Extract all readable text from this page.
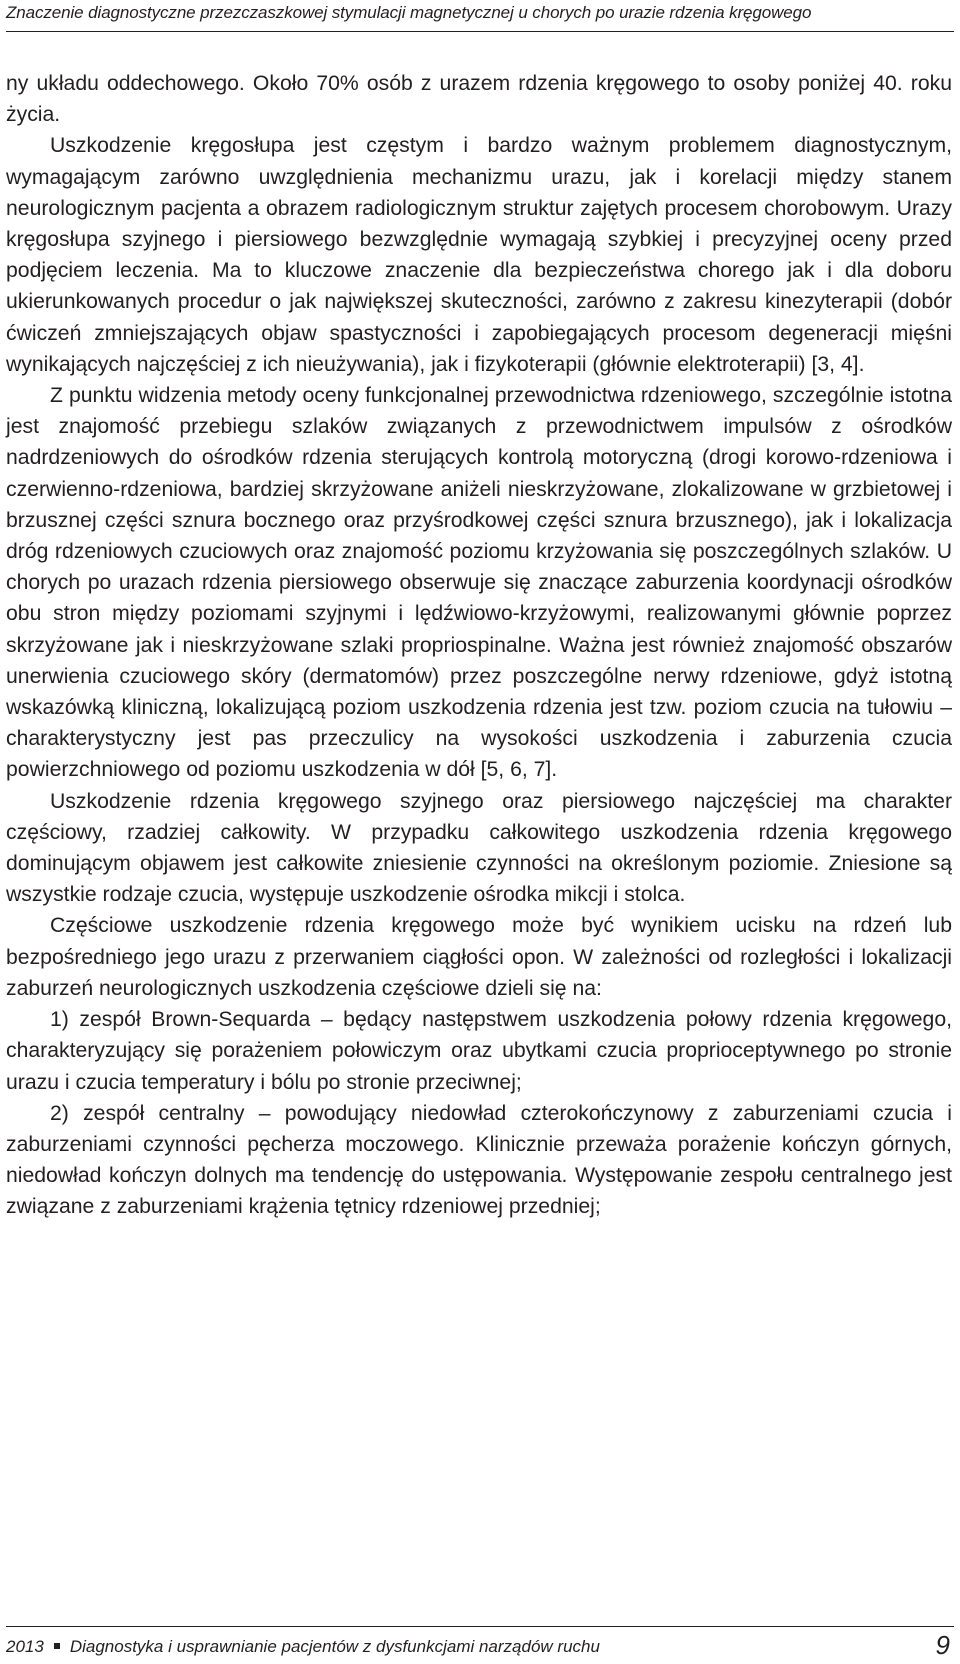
Znaczenie diagnostyczne przezczaszkowej stymulacji magnetycznej u chorych po urazie rdzenia kręgowego

ny układu oddechowego. Około 70% osób z urazem rdzenia kręgowego to osoby poniżej 40. roku życia.

Uszkodzenie kręgosłupa jest częstym i bardzo ważnym problemem diagnostycznym, wymagającym zarówno uwzględnienia mechanizmu urazu, jak i korelacji między stanem neurologicznym pacjenta a obrazem radiologicznym struktur zajętych procesem chorobowym. Urazy kręgosłupa szyjnego i piersiowego bezwzględnie wymagają szybkiej i precyzyjnej oceny przed podjęciem leczenia. Ma to kluczowe znaczenie dla bezpieczeństwa chorego jak i dla doboru ukierunkowanych procedur o jak największej skuteczności, zarówno z zakresu kinezyterapii (dobór ćwiczeń zmniejszających objaw spastyczności i zapobiegających procesom degeneracji mięśni wynikających najczęściej z ich nieużywania), jak i fizykoterapii (głównie elektroterapii) [3, 4].

Z punktu widzenia metody oceny funkcjonalnej przewodnictwa rdzeniowego, szczególnie istotna jest znajomość przebiegu szlaków związanych z przewodnictwem impulsów z ośrodków nadrdzeniowych do ośrodków rdzenia sterujących kontrolą motoryczną (drogi korowo-rdzeniowa i czerwienno-rdzeniowa, bardziej skrzyżowane aniżeli nieskrzyżowane, zlokalizowane w grzbietowej i brzusznej części sznura bocznego oraz przyśrodkowej części sznura brzusznego), jak i lokalizacja dróg rdzeniowych czuciowych oraz znajomość poziomu krzyżowania się poszczególnych szlaków. U chorych po urazach rdzenia piersiowego obserwuje się znaczące zaburzenia koordynacji ośrodków obu stron między poziomami szyjnymi i lędźwiowo-krzyżowymi, realizowanymi głównie poprzez skrzyżowane jak i nieskrzyżowane szlaki propriospinalne. Ważna jest również znajomość obszarów unerwienia czuciowego skóry (dermatomów) przez poszczególne nerwy rdzeniowe, gdyż istotną wskazówką kliniczną, lokalizującą poziom uszkodzenia rdzenia jest tzw. poziom czucia na tułowiu – charakterystyczny jest pas przeczulicy na wysokości uszkodzenia i zaburzenia czucia powierzchniowego od poziomu uszkodzenia w dół [5, 6, 7].

Uszkodzenie rdzenia kręgowego szyjnego oraz piersiowego najczęściej ma charakter częściowy, rzadziej całkowity. W przypadku całkowitego uszkodzenia rdzenia kręgowego dominującym objawem jest całkowite zniesienie czynności na określonym poziomie. Zniesione są wszystkie rodzaje czucia, występuje uszkodzenie ośrodka mikcji i stolca.

Częściowe uszkodzenie rdzenia kręgowego może być wynikiem ucisku na rdzeń lub bezpośredniego jego urazu z przerwaniem ciągłości opon. W zależności od rozległości i lokalizacji zaburzeń neurologicznych uszkodzenia częściowe dzieli się na:

1) zespół Brown-Sequarda – będący następstwem uszkodzenia połowy rdzenia kręgowego, charakteryzujący się porażeniem połowiczym oraz ubytkami czucia proprioceptywnego po stronie urazu i czucia temperatury i bólu po stronie przeciwnej;

2) zespół centralny – powodujący niedowład czterokończynowy z zaburzeniami czucia i zaburzeniami czynności pęcherza moczowego. Klinicznie przeważa porażenie kończyn górnych, niedowład kończyn dolnych ma tendencję do ustępowania. Występowanie zespołu centralnego jest związane z zaburzeniami krążenia tętnicy rdzeniowej przedniej;

2013 Diagnostyka i usprawnianie pacjentów z dysfunkcjami narządów ruchu	9
